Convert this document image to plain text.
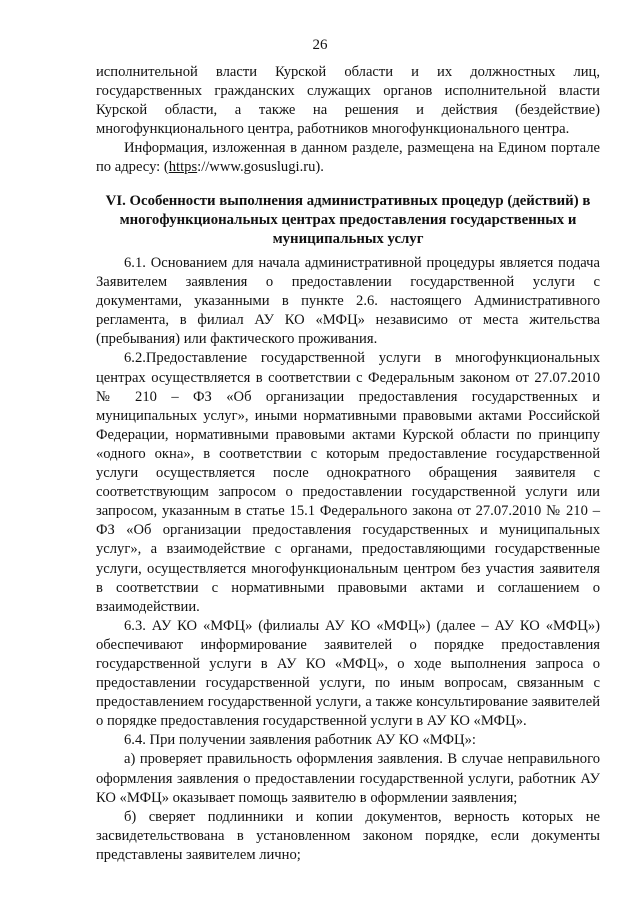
26

исполнительной власти Курской области и их должностных лиц, государственных гражданских служащих органов исполнительной власти Курской области, а также на решения и действия (бездействие) многофункционального центра, работников многофункционального центра.

Информация, изложенная в данном разделе, размещена на Едином портале по адресу: (https://www.gosuslugi.ru).

VI. Особенности выполнения административных процедур (действий) в многофункциональных центрах предоставления государственных и муниципальных услуг

6.1. Основанием для начала административной процедуры является подача Заявителем заявления о предоставлении государственной услуги с документами, указанными в пункте 2.6. настоящего Административного регламента, в филиал АУ КО «МФЦ» независимо от места жительства (пребывания) или фактического проживания.

6.2.Предоставление государственной услуги в многофункциональных центрах осуществляется в соответствии с Федеральным законом от 27.07.2010 № 210 – ФЗ «Об организации предоставления государственных и муниципальных услуг», иными нормативными правовыми актами Российской Федерации, нормативными правовыми актами Курской области по принципу «одного окна», в соответствии с которым предоставление государственной услуги осуществляется после однократного обращения заявителя с соответствующим запросом о предоставлении государственной услуги или запросом, указанным в статье 15.1 Федерального закона от 27.07.2010 № 210 – ФЗ «Об организации предоставления государственных и муниципальных услуг», а взаимодействие с органами, предоставляющими государственные услуги, осуществляется многофункциональным центром без участия заявителя в соответствии с нормативными правовыми актами и соглашением о взаимодействии.

6.3. АУ КО «МФЦ» (филиалы АУ КО «МФЦ») (далее – АУ КО «МФЦ») обеспечивают информирование заявителей о порядке предоставления государственной услуги в АУ КО «МФЦ», о ходе выполнения запроса о предоставлении государственной услуги, по иным вопросам, связанным с предоставлением государственной услуги, а также консультирование заявителей о порядке предоставления государственной услуги в АУ КО «МФЦ».

6.4. При получении заявления работник АУ КО «МФЦ»:

а) проверяет правильность оформления заявления. В случае неправильного оформления заявления о предоставлении государственной услуги, работник АУ КО «МФЦ» оказывает помощь заявителю в оформлении заявления;

б) сверяет подлинники и копии документов, верность которых не засвидетельствована в установленном законом порядке, если документы представлены заявителем лично;
